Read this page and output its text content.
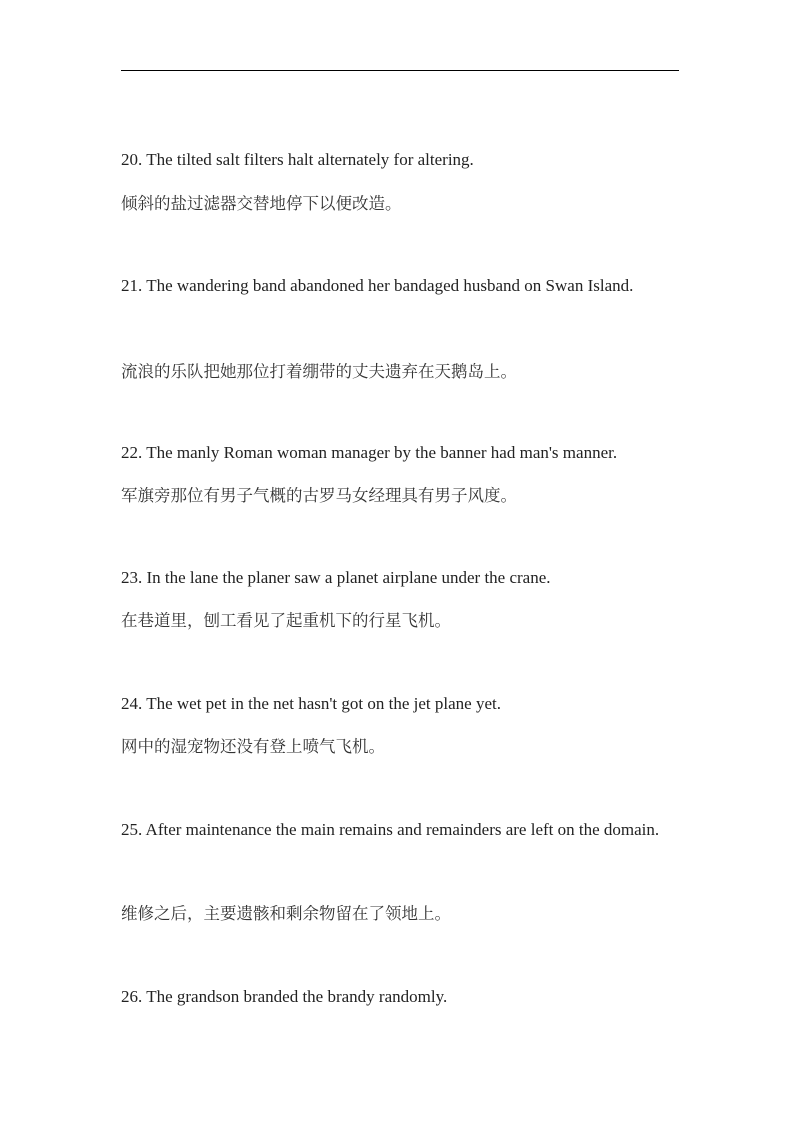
20. The tilted salt filters halt alternately for altering.

倾斜的盐过滤器交替地停下以便改造。

21. The wandering band abandoned her bandaged husband on Swan Island.

流浪的乐队把她那位打着绷带的丈夫遗弃在天鹅岛上。

22. The manly Roman woman manager by the banner had man's manner.

军旗旁那位有男子气概的古罗马女经理具有男子风度。

23. In the lane the planer saw a planet airplane under the crane.

在巷道里，刨工看见了起重机下的行星飞机。

24. The wet pet in the net hasn't got on the jet plane yet.

网中的湿宠物还没有登上喷气飞机。

25. After maintenance the main remains and remainders are left on the domain.

维修之后，主要遗骸和剩余物留在了领地上。

26. The grandson branded the brandy randomly.
